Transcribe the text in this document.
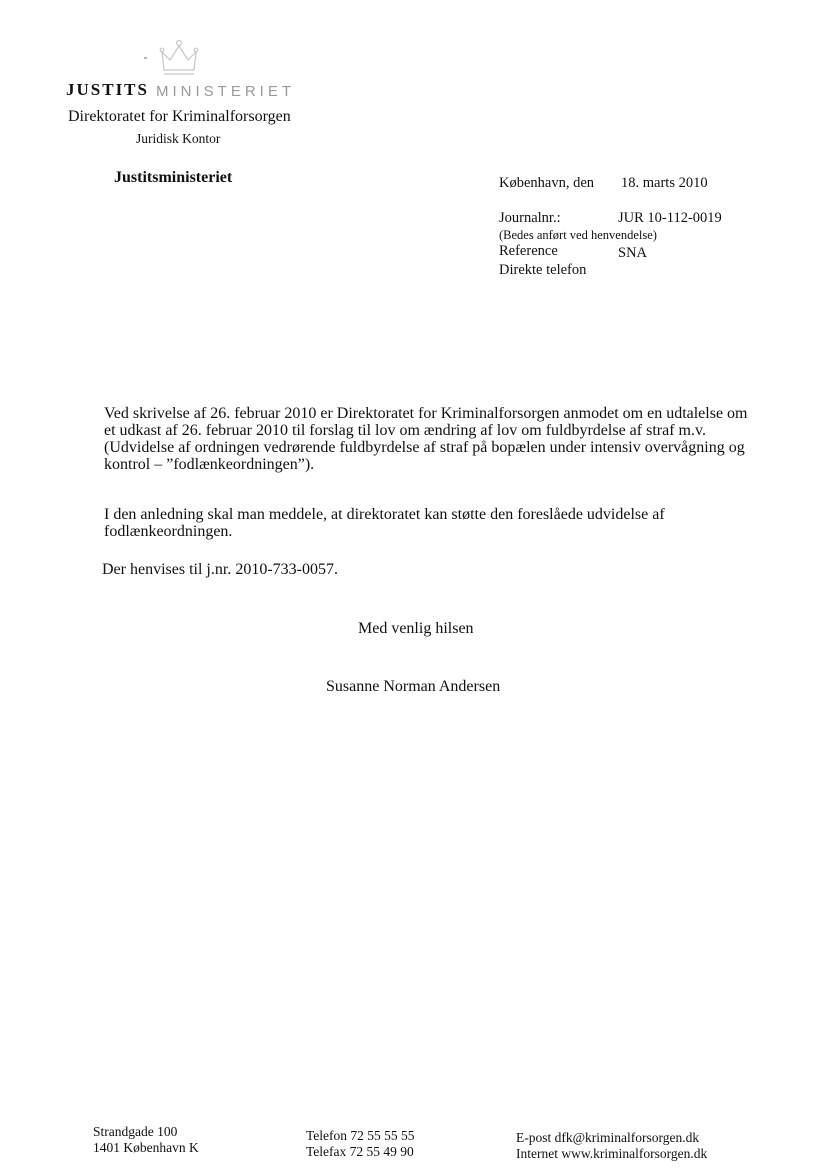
JUSTITS MINISTERIET
Direktoratet for Kriminalforsorgen
Juridisk Kontor
Justitsministeriet	København, den 18. marts 2010
Journalnr.:	JUR 10-112-0019
(Bedes anført ved henvendelse)
Reference	SNA
Direkte telefon

Ved skrivelse af 26. februar 2010 er Direktoratet for Kriminalforsorgen anmodet om en udtalelse om et udkast af 26. februar 2010 til forslag til lov om ændring af lov om fuldbyrdelse af straf m.v. (Udvidelse af ordningen vedrørende fuldbyrdelse af straf på bopælen under intensiv overvågning og kontrol – ”fodlænkeordningen”).

I den anledning skal man meddele, at direktoratet kan støtte den foreslåede udvidelse af fodlænkeordningen.

Der henvises til j.nr. 2010-733-0057.
Med venlig hilsen
Susanne Norman Andersen
Strandgade 100
1401 København K
Telefon 72 55 55 55
Telefax 72 55 49 90
E-post dfk@kriminalforsorgen.dk
Internet www.kriminalforsorgen.dk
